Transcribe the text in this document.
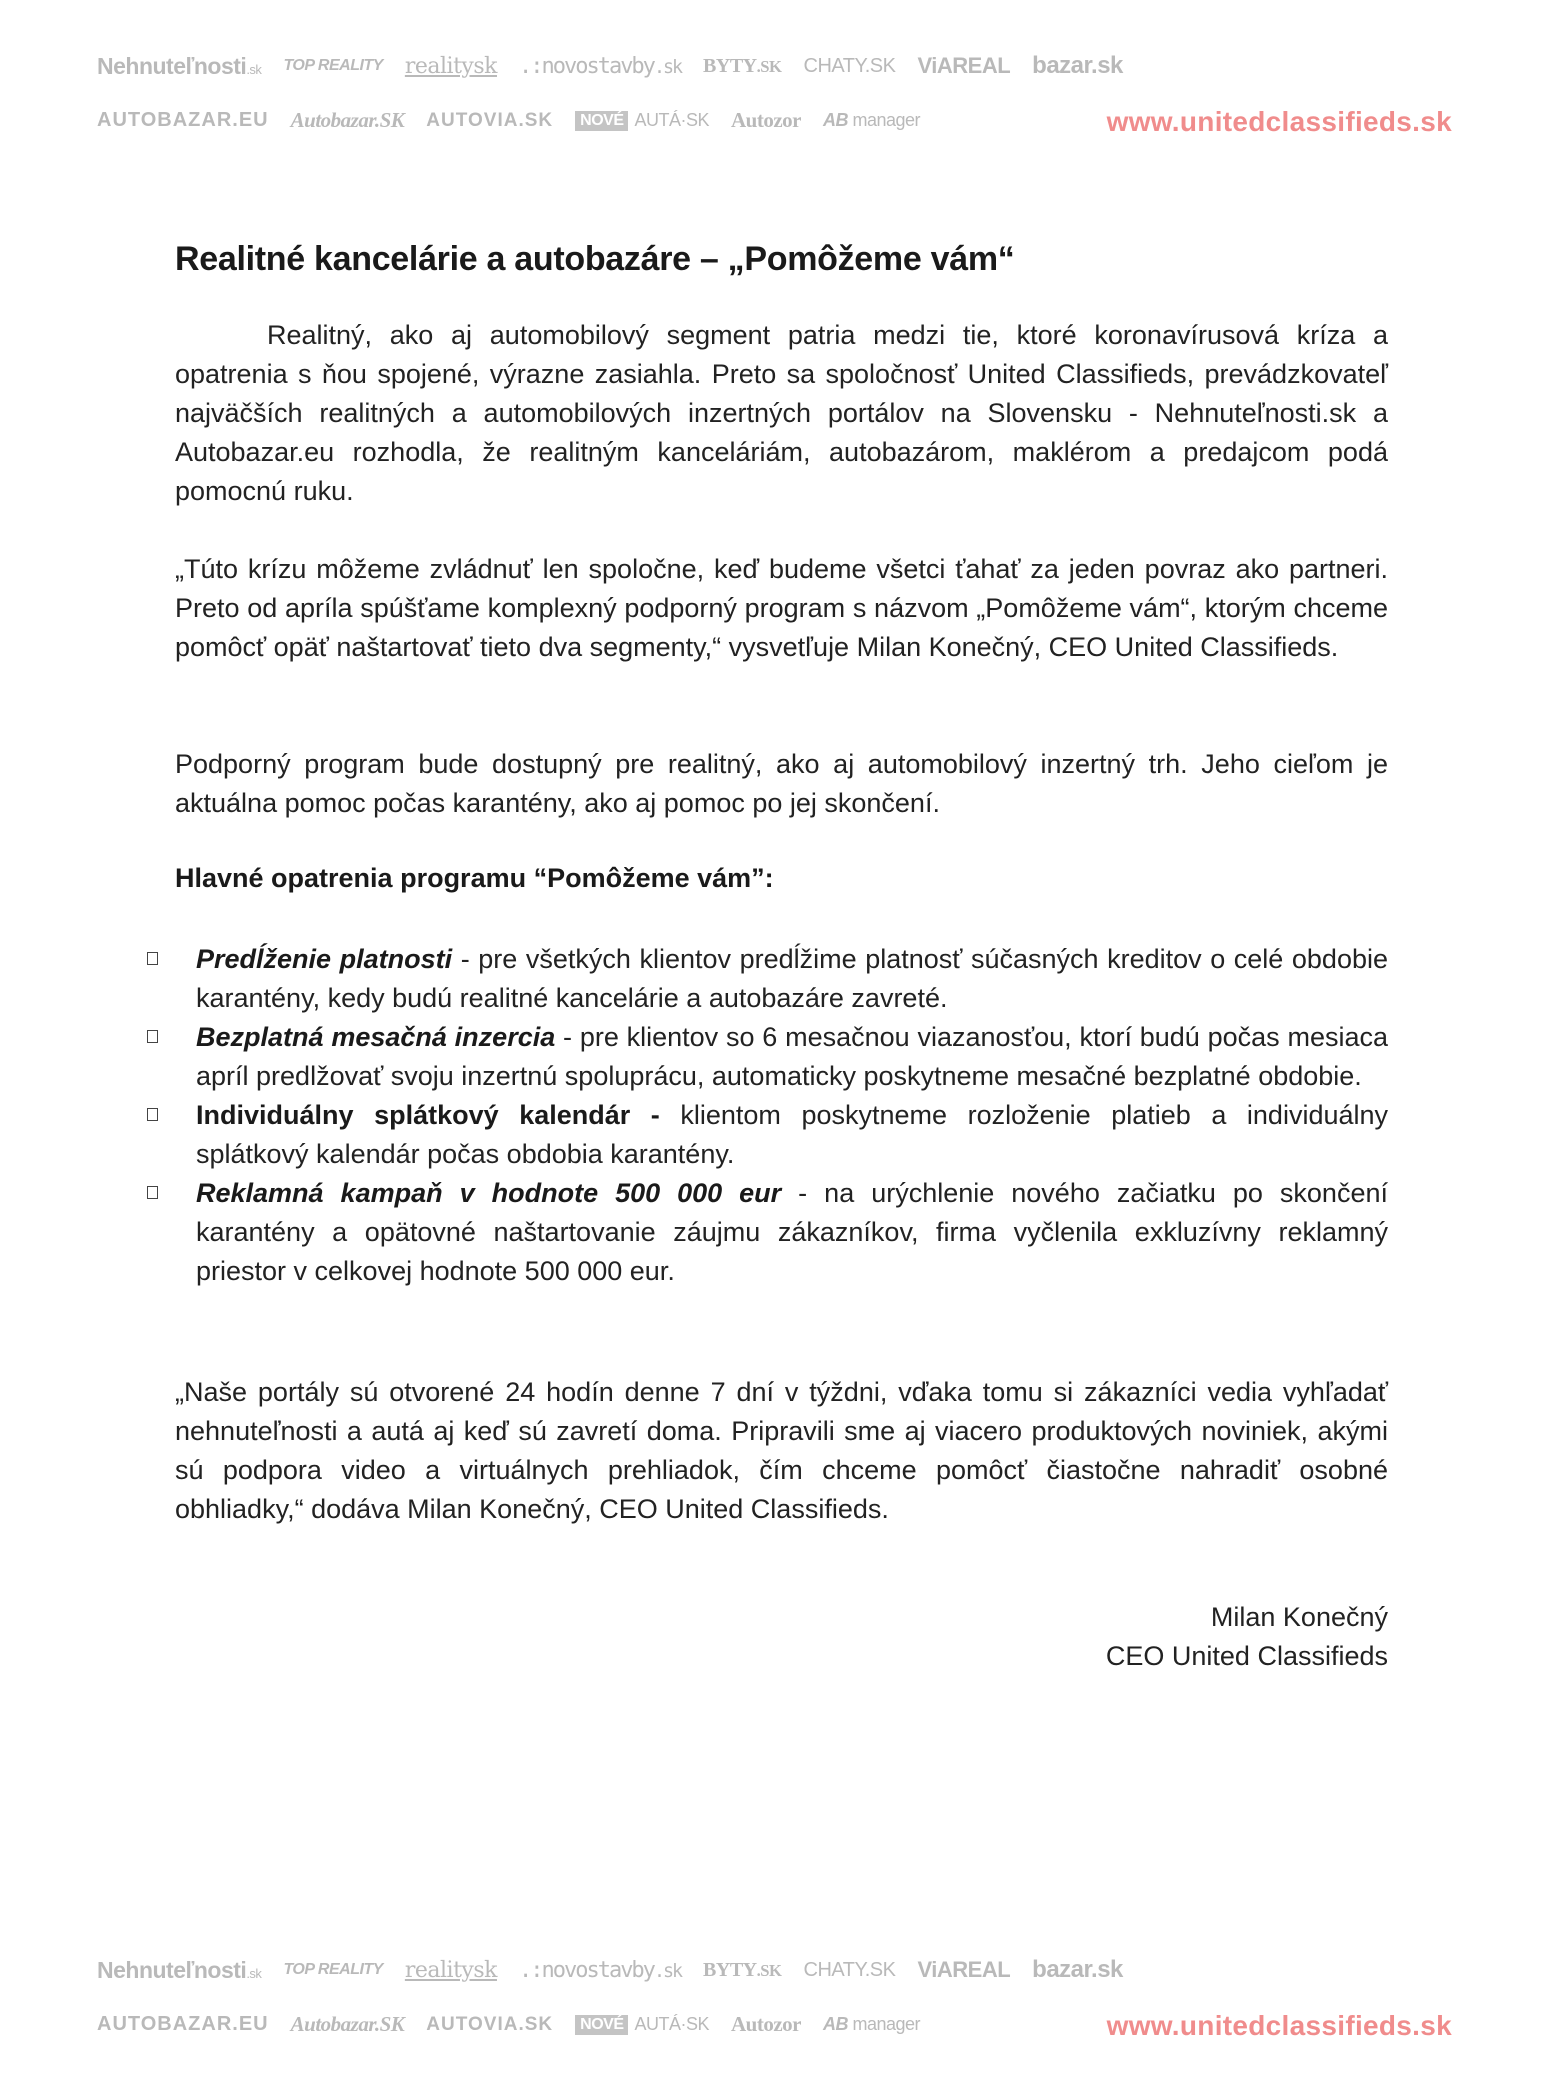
Nehnuteľnosti.sk TOP REALITY realitysk .:novostavby.sk BYTY.SK CHATY.SK ViAREAL bazar.sk
AUTOBAZAR.EU Autobazar.SK AUTOVIA.SK	NOVÉ AUTÁ·SK Autozor AB manager	www.unitedclassifieds.sk
Realitné kancelárie a autobazáre – „Pomôžeme vám“

Realitný, ako aj automobilový segment patria medzi tie, ktoré koronavírusová kríza a opatrenia s ňou spojené, výrazne zasiahla. Preto sa spoločnosť United Classifieds, prevádzkovateľ najväčších realitných a automobilových inzertných portálov na Slovensku - Nehnuteľnosti.sk a Autobazar.eu rozhodla, že realitným kanceláriám, autobazárom, maklérom a predajcom podá pomocnú ruku.

„Túto krízu môžeme zvládnuť len spoločne, keď budeme všetci ťahať za jeden povraz ako partneri. Preto od apríla spúšťame komplexný podporný program s názvom „Pomôžeme vám“, ktorým chceme pomôcť opäť naštartovať tieto dva segmenty,“ vysvetľuje Milan Konečný, CEO United Classifieds.

Podporný program bude dostupný pre realitný, ako aj automobilový inzertný trh. Jeho cieľom je aktuálna pomoc počas karantény, ako aj pomoc po jej skončení.

Hlavné opatrenia programu “Pomôžeme vám”:
Predĺženie platnosti - pre všetkých klientov predĺžime platnosť súčasných kreditov o celé obdobie karantény, kedy budú realitné kancelárie a autobazáre zavreté.
Bezplatná mesačná inzercia - pre klientov so 6 mesačnou viazanosťou, ktorí budú počas mesiaca apríl predlžovať svoju inzertnú spoluprácu, automaticky poskytneme mesačné bezplatné obdobie.
Individuálny splátkový kalendár - klientom poskytneme rozloženie platieb a individuálny splátkový kalendár počas obdobia karantény.
Reklamná kampaň v hodnote 500 000 eur - na urýchlenie nového začiatku po skončení karantény a opätovné naštartovanie záujmu zákazníkov, firma vyčlenila exkluzívny reklamný priestor v celkovej hodnote 500 000 eur.

„Naše portály sú otvorené 24 hodín denne 7 dní v týždni, vďaka tomu si zákazníci vedia vyhľadať nehnuteľnosti a autá aj keď sú zavretí doma. Pripravili sme aj viacero produktových noviniek, akými sú podpora video a virtuálnych prehliadok, čím chceme pomôcť čiastočne nahradiť osobné obhliadky,“ dodáva Milan Konečný, CEO United Classifieds.

Milan Konečný
CEO United Classifieds
Nehnuteľnosti.sk TOP REALITY realitysk .:novostavby.sk BYTY.SK CHATY.SK ViAREAL bazar.sk
AUTOBAZAR.EU Autobazar.SK AUTOVIA.SK	NOVÉ AUTÁ·SK Autozor AB manager	www.unitedclassifieds.sk
